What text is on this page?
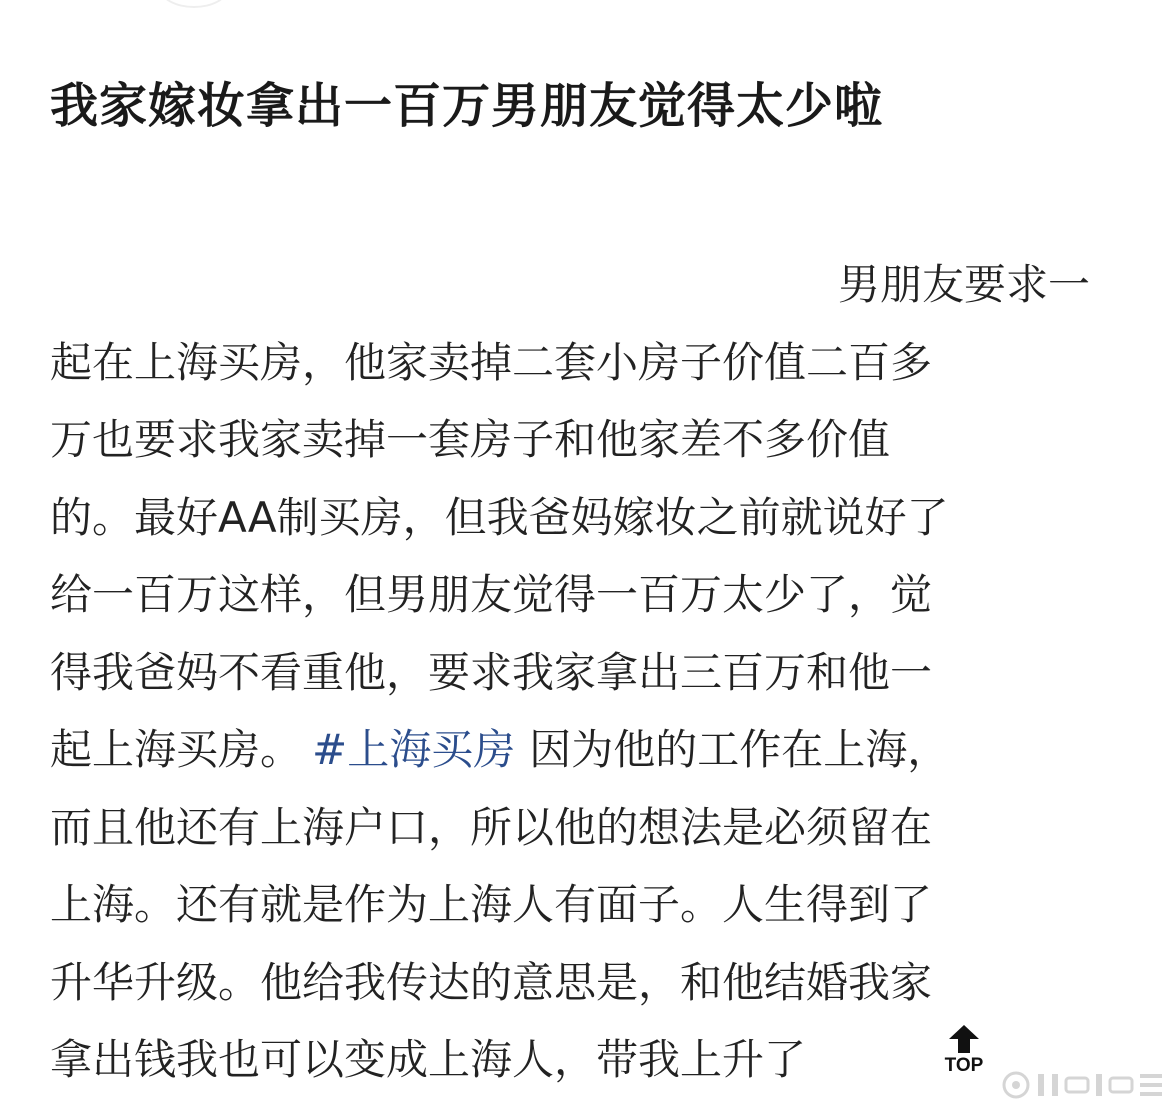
我家嫁妆拿出一百万男朋友觉得太少啦
男朋友要求一
起在上海买房，他家卖掉二套小房子价值二百多
万也要求我家卖掉一套房子和他家差不多价值
的。最好AA制买房，但我爸妈嫁妆之前就说好了
给一百万这样，但男朋友觉得一百万太少了，觉
得我爸妈不看重他，要求我家拿出三百万和他一
起上海买房。 #上海买房 因为他的工作在上海，
而且他还有上海户口，所以他的想法是必须留在
上海。还有就是作为上海人有面子。人生得到了
升华升级。他给我传达的意思是，和他结婚我家
拿出钱我也可以变成上海人，带我上升了	TOP
